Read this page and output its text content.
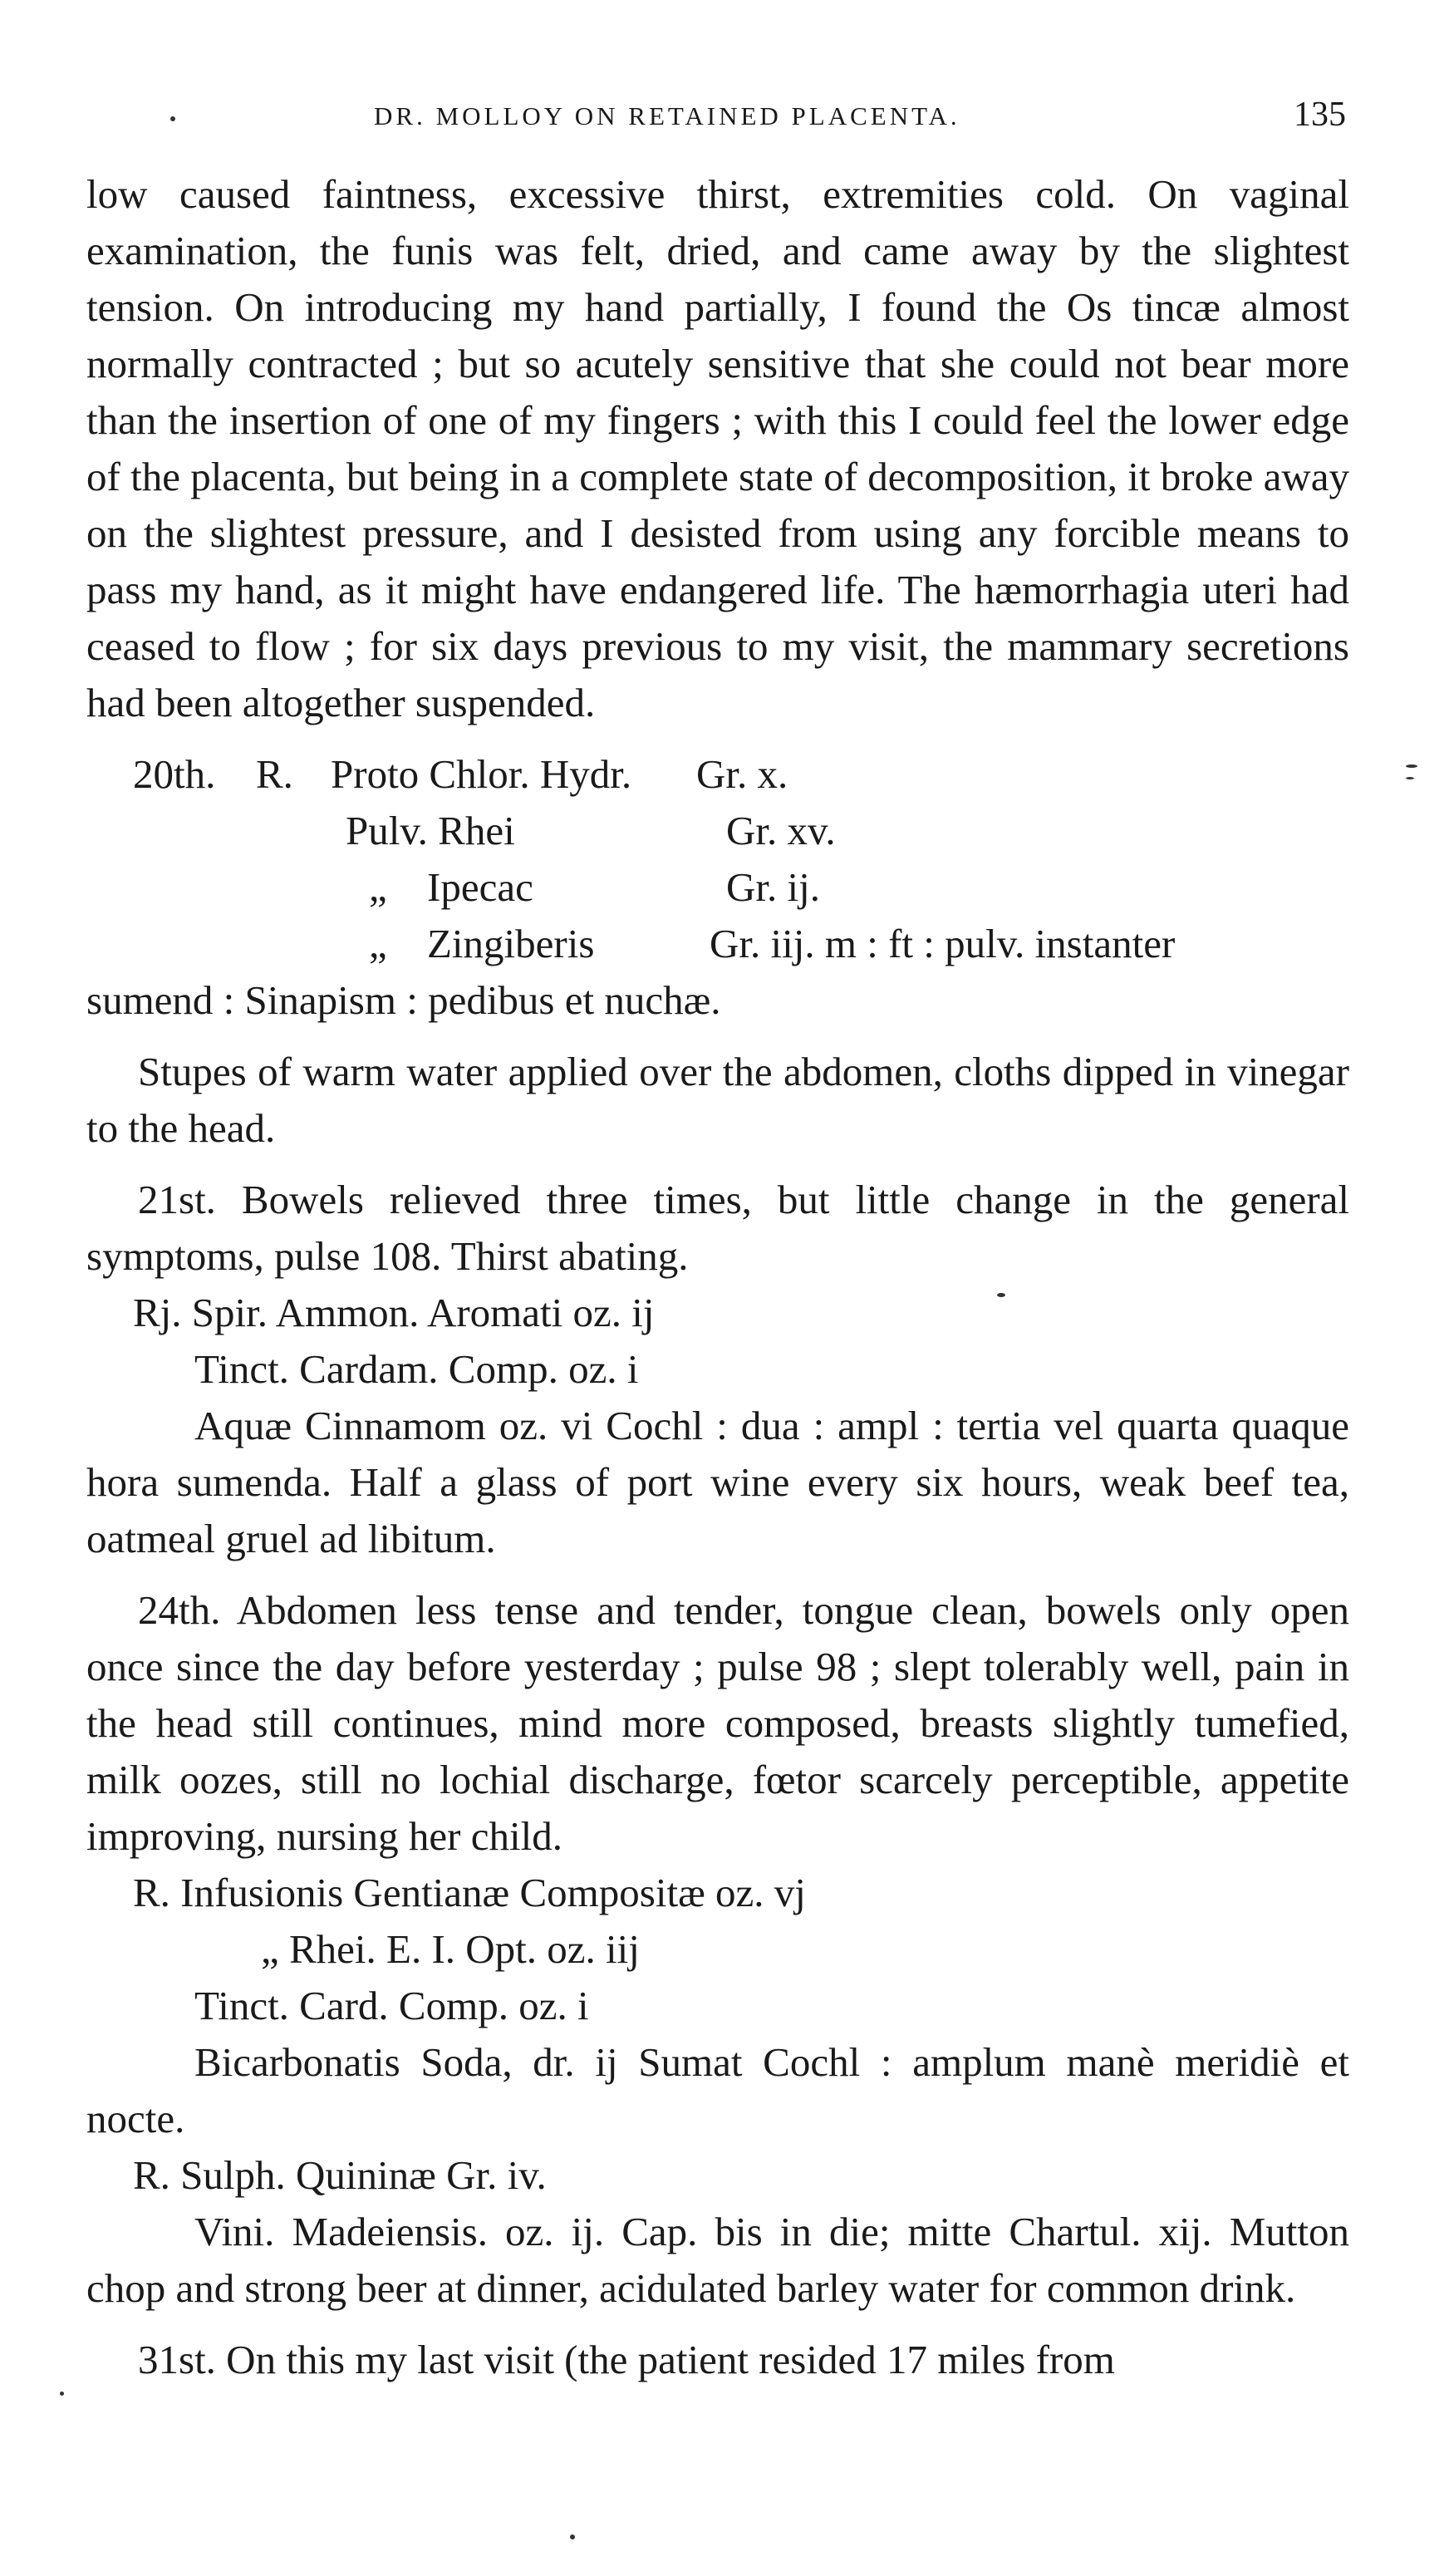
DR. MOLLOY ON RETAINED PLACENTA.	135

low caused faintness, excessive thirst, extremities cold. On vaginal examination, the funis was felt, dried, and came away by the slightest tension. On introducing my hand partially, I found the Os tincæ almost normally contracted ; but so acutely sensitive that she could not bear more than the insertion of one of my fingers ; with this I could feel the lower edge of the placenta, but being in a complete state of decomposition, it broke away on the slightest pressure, and I desisted from using any forcible means to pass my hand, as it might have endangered life. The hæmorrhagia uteri had ceased to flow ; for six days previous to my visit, the mammary secretions had been altogether suspended.

20th. R. Proto Chlor. Hydr. Gr. x.
Pulv. Rhei	Gr. xv.
„ Ipecac	Gr. ij.
„ Zingiberis	Gr. iij. m : ft : pulv. instanter
sumend : Sinapism : pedibus et nuchæ.

Stupes of warm water applied over the abdomen, cloths dipped in vinegar to the head.

21st. Bowels relieved three times, but little change in the general symptoms, pulse 108. Thirst abating.

Rj. Spir. Ammon. Aromati oz. ij
Tinct. Cardam. Comp. oz. i

Aquæ Cinnamom oz. vi Cochl : dua : ampl : tertia vel quarta quaque hora sumenda. Half a glass of port wine every six hours, weak beef tea, oatmeal gruel ad libitum.

24th. Abdomen less tense and tender, tongue clean, bowels only open once since the day before yesterday ; pulse 98 ; slept tolerably well, pain in the head still continues, mind more composed, breasts slightly tumefied, milk oozes, still no lochial discharge, fœtor scarcely perceptible, appetite improving, nursing her child.

R. Infusionis Gentianæ Compositæ oz. vj
„ Rhei. E. I. Opt. oz. iij
Tinct. Card. Comp. oz. i

Bicarbonatis Soda, dr. ij Sumat Cochl : amplum manè meridiè et nocte.

R. Sulph. Quininæ Gr. iv.

Vini. Madeiensis. oz. ij. Cap. bis in die; mitte Chartul. xij. Mutton chop and strong beer at dinner, acidulated barley water for common drink.

31st. On this my last visit (the patient resided 17 miles from
